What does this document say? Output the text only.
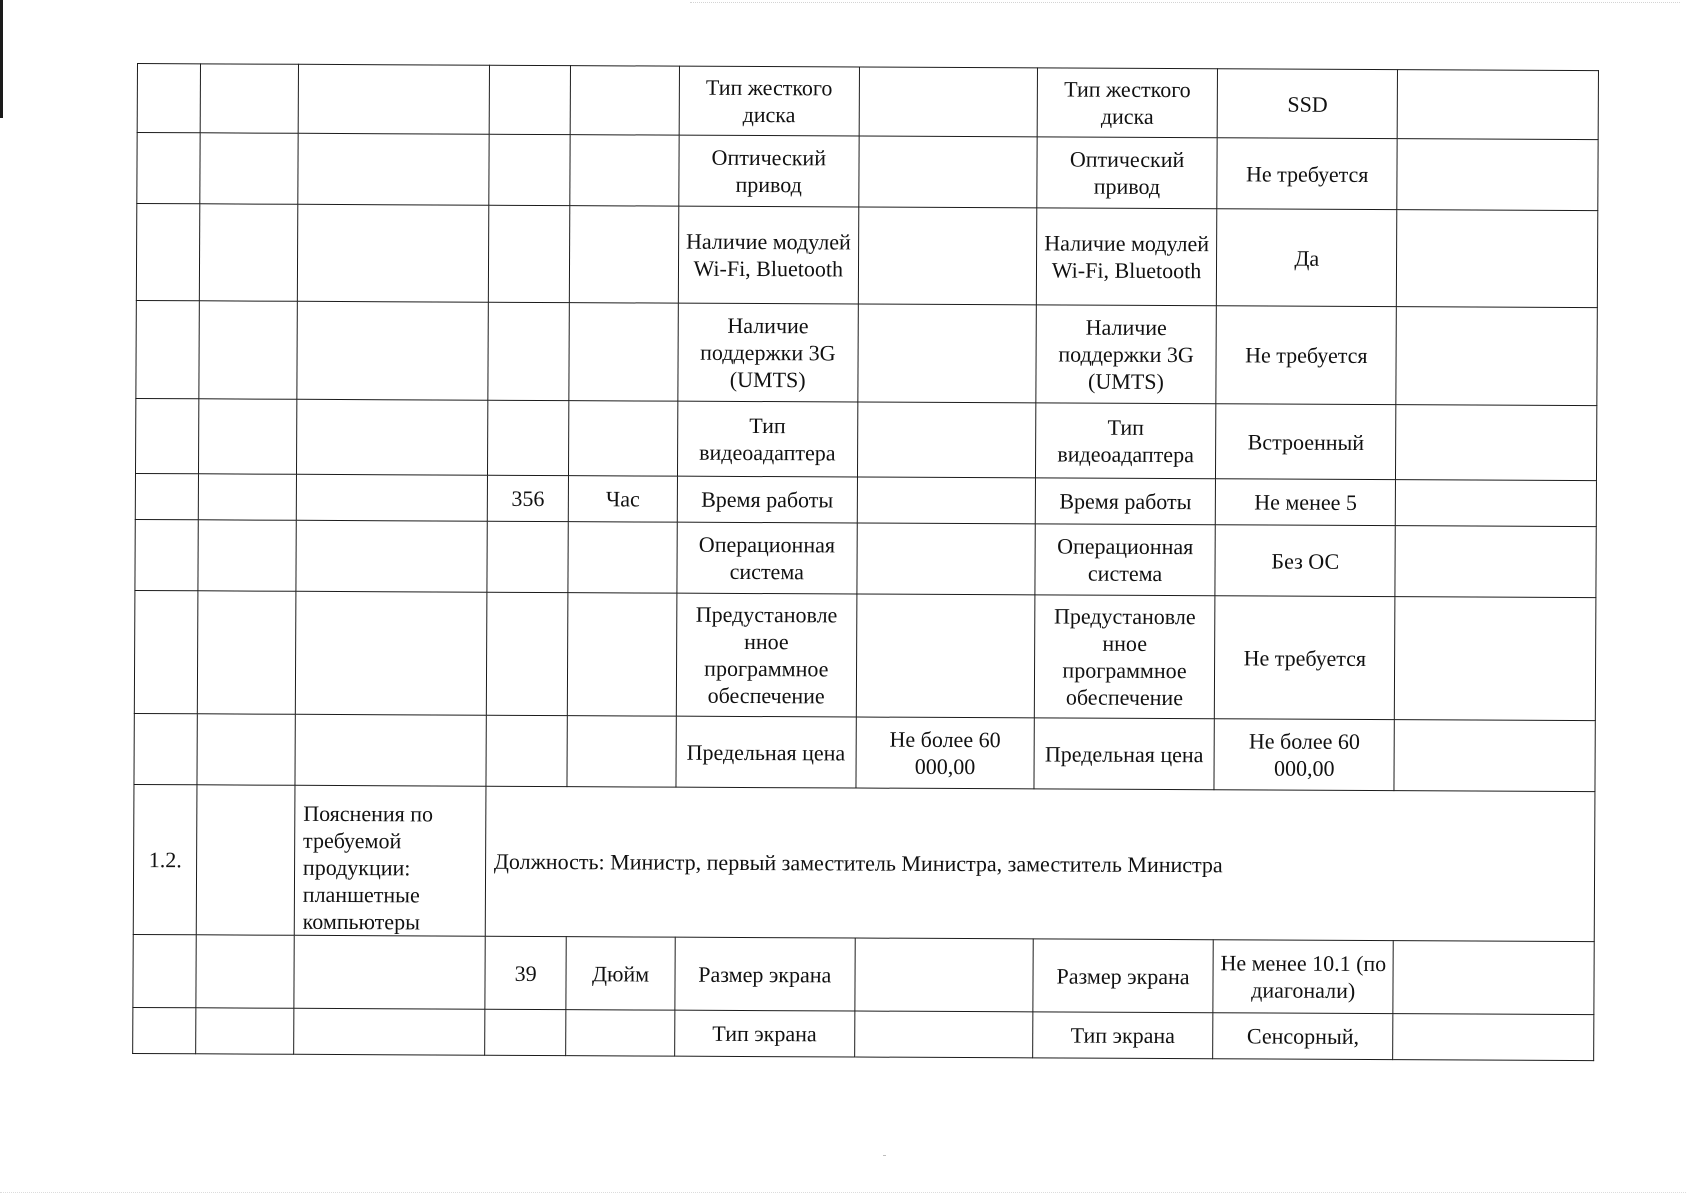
					Тип жесткого диска		Тип жесткого диска	SSD	
					Оптический привод		Оптический привод	Не требуется	
					Наличие модулей Wi-Fi, Bluetooth		Наличие модулей Wi-Fi, Bluetooth	Да	
					Наличие поддержки 3G (UMTS)		Наличие поддержки 3G (UMTS)	Не требуется	
					Тип видеоадаптера		Тип видеоадаптера	Встроенный	
			356	Час	Время работы		Время работы	Не менее 5	
					Операционная система		Операционная система	Без ОС	
					Предустановле нное программное обеспечение		Предустановле нное программное обеспечение	Не требуется	
					Предельная цена	Не более 60 000,00	Предельная цена	Не более 60 000,00	
1.2.		Пояснения по требуемой продукции: планшетные компьютеры	Должность: Министр, первый заместитель Министра, заместитель Министра						
			39	Дюйм	Размер экрана		Размер экрана	Не менее 10.1 (по диагонали)	
					Тип экрана		Тип экрана	Сенсорный,	
